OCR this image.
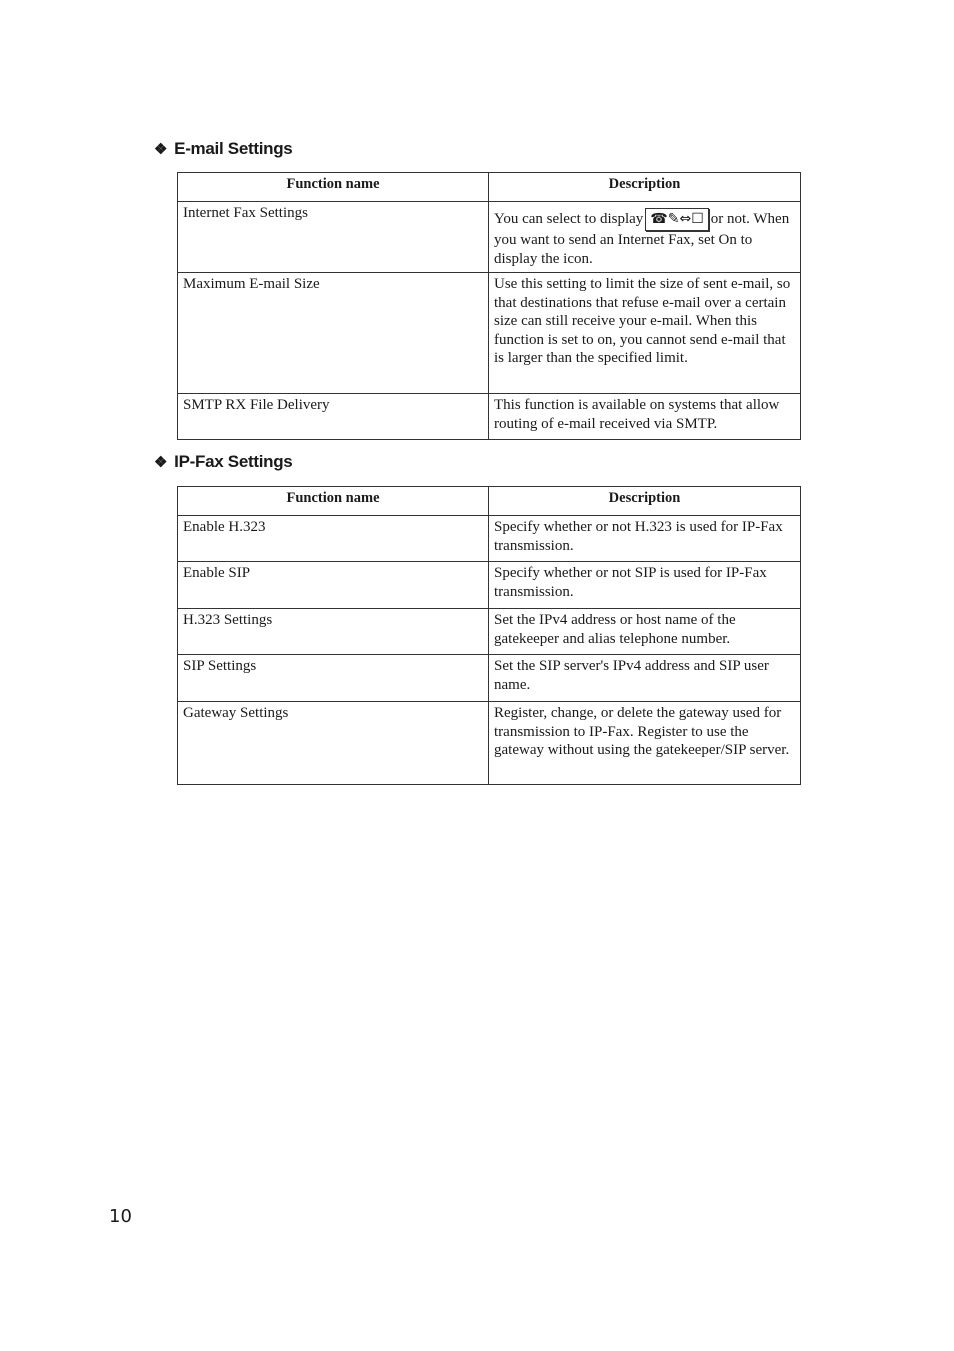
❖ E-mail Settings
Function name	Description
Internet Fax Settings	You can select to display ☎✎⇔☐ or not. When you want to send an Internet Fax, set On to display the icon.
Maximum E-mail Size	Use this setting to limit the size of sent e-mail, so that destinations that refuse e-mail over a certain size can still receive your e-mail. When this function is set to on, you cannot send e-mail that is larger than the specified limit.
SMTP RX File Delivery	This function is available on systems that allow routing of e-mail received via SMTP.
❖ IP-Fax Settings
Function name	Description
Enable H.323	Specify whether or not H.323 is used for IP-Fax transmission.
Enable SIP	Specify whether or not SIP is used for IP-Fax transmission.
H.323 Settings	Set the IPv4 address or host name of the gatekeeper and alias telephone number.
SIP Settings	Set the SIP server's IPv4 address and SIP user name.
Gateway Settings	Register, change, or delete the gateway used for transmission to IP-Fax. Register to use the gateway without using the gatekeeper/SIP server.
10
